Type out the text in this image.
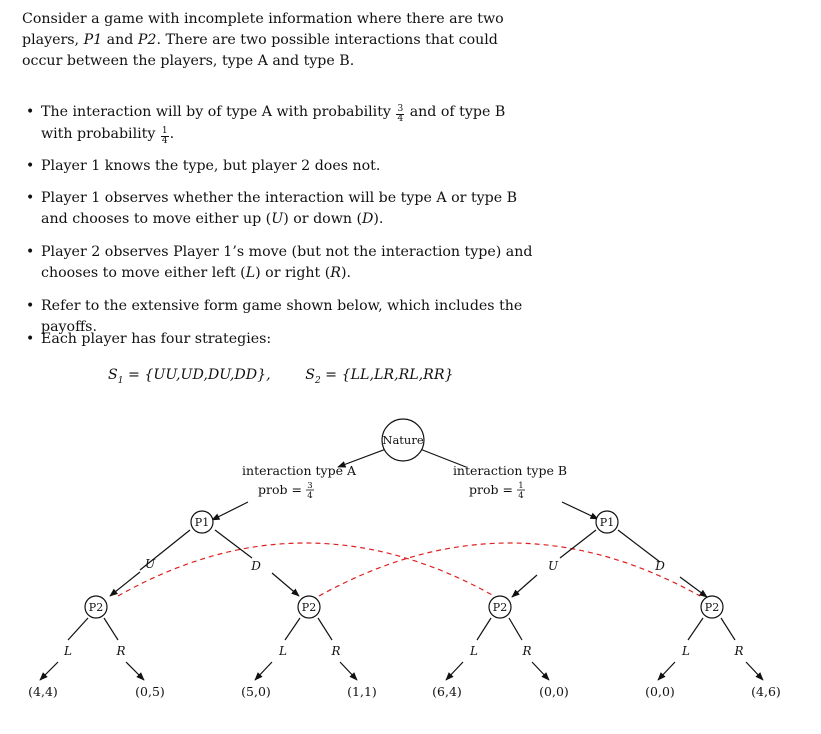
Consider a game with incomplete information where there are two players, P1 and P2. There are two possible interactions that could occur between the players, type A and type B.
• The interaction will by of type A with probability $\frac{3}{4}$ and of type B with probability $\frac{1}{4}$ .
• Player 1 knows the type, but player 2 does not.
• Player 1 observes whether the interaction will be type A or type B and chooses to move either up (U) or down (D).
• Player 2 observes Player 1’s move (but not the interaction type) and chooses to move either left (L) or right (R).
• Refer to the extensive form game shown below, which includes the payoffs.
• Each player has four strategies:
$S_1 = \{UU,UD,DU,DD\}$, $S_2 = \{LL,LR,RL,RR\}$
Nature
interaction type A	interaction type B
prob = 3
4	prob = 1
4
P1	P1
U	D	U	D
P2	P2	P2	P2
L	R	L	R	L	R	L	R
(4,4)	(0,5)	(5,0)	(1,1)	(6,4)	(0,0)	(0,0)	(4,6)
